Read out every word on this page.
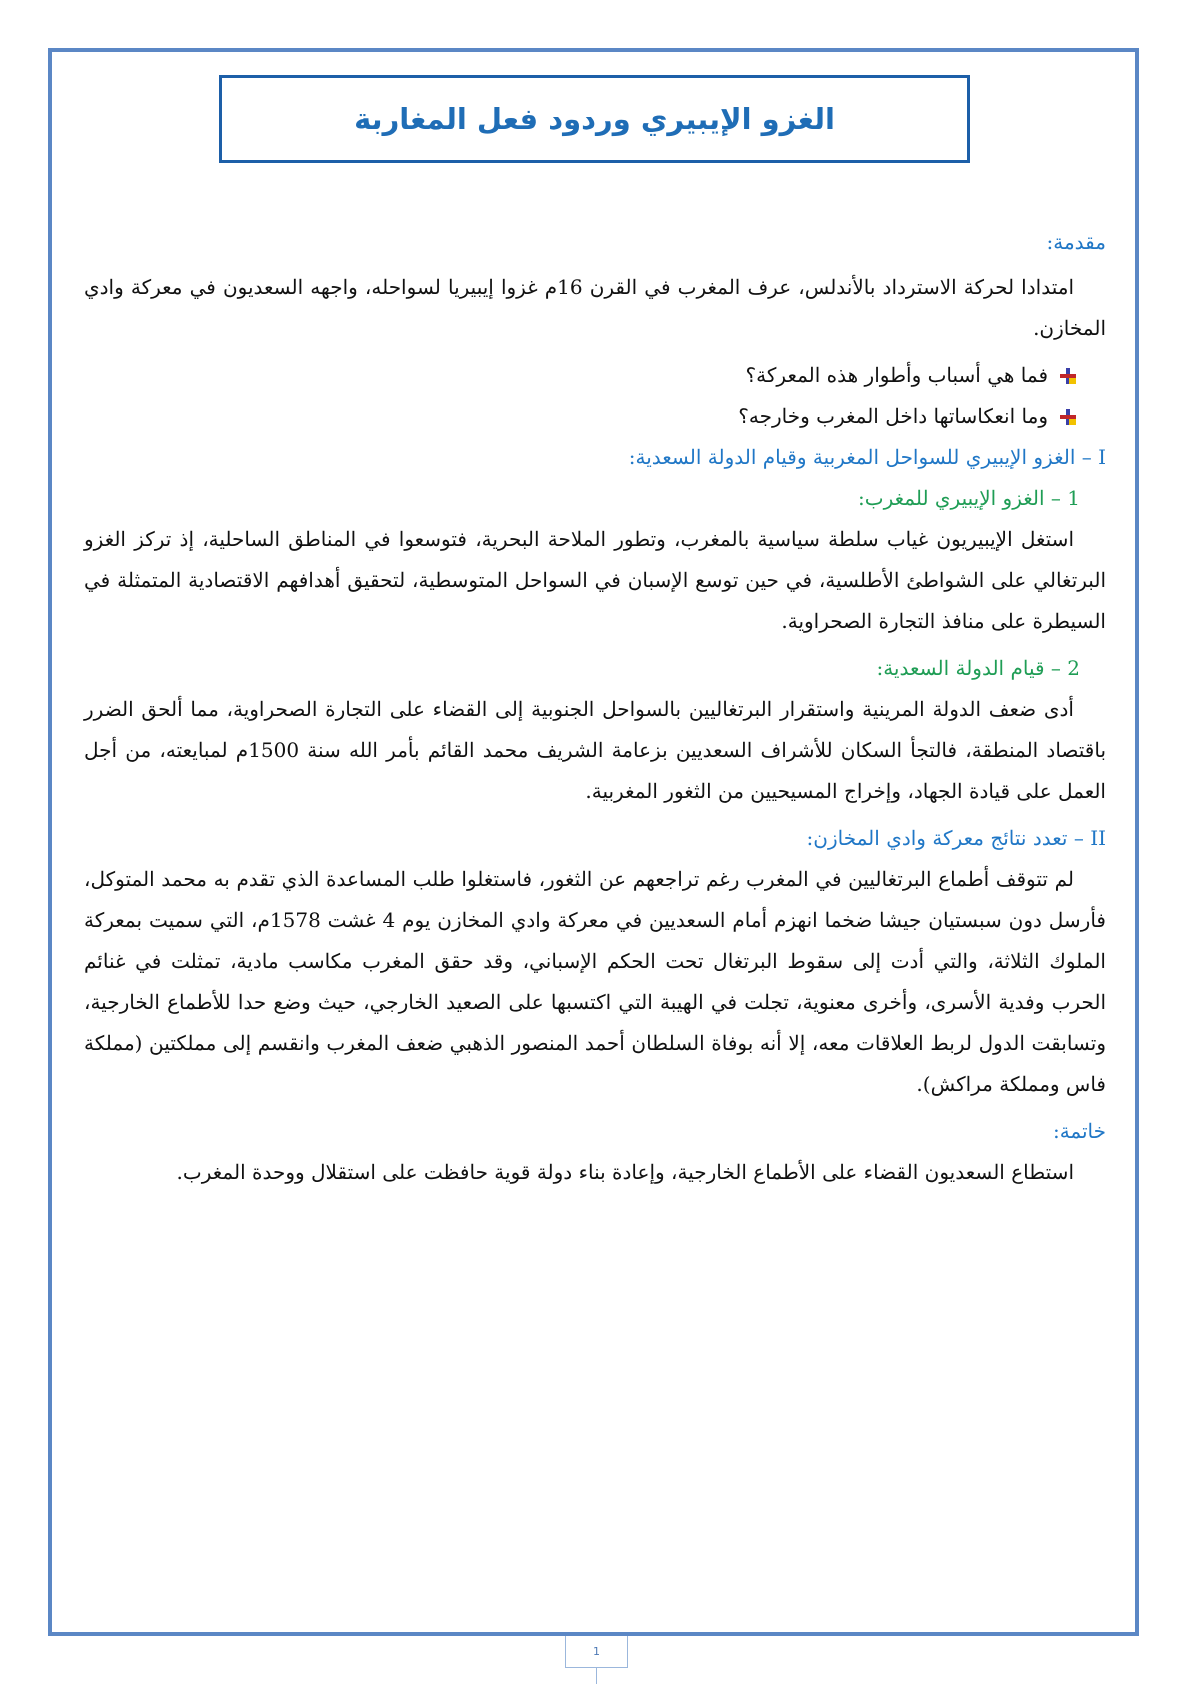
الغزو الإيبيري وردود فعل المغاربة
مقدمة:

امتدادا لحركة الاسترداد بالأندلس، عرف المغرب في القرن 16م غزوا إيبيريا لسواحله، واجهه السعديون في معركة وادي المخازن.

فما هي أسباب وأطوار هذه المعركة؟
وما انعكاساتها داخل المغرب وخارجه؟
I – الغزو الإيبيري للسواحل المغربية وقيام الدولة السعدية:
1 – الغزو الإيبيري للمغرب:

استغل الإيبيريون غياب سلطة سياسية بالمغرب، وتطور الملاحة البحرية، فتوسعوا في المناطق الساحلية، إذ تركز الغزو البرتغالي على الشواطئ الأطلسية، في حين توسع الإسبان في السواحل المتوسطية، لتحقيق أهدافهم الاقتصادية المتمثلة في السيطرة على منافذ التجارة الصحراوية.

2 – قيام الدولة السعدية:

أدى ضعف الدولة المرينية واستقرار البرتغاليين بالسواحل الجنوبية إلى القضاء على التجارة الصحراوية، مما ألحق الضرر باقتصاد المنطقة، فالتجأ السكان للأشراف السعديين بزعامة الشريف محمد القائم بأمر الله سنة 1500م لمبايعته، من أجل العمل على قيادة الجهاد، وإخراج المسيحيين من الثغور المغربية.

II – تعدد نتائج معركة وادي المخازن:

لم تتوقف أطماع البرتغاليين في المغرب رغم تراجعهم عن الثغور، فاستغلوا طلب المساعدة الذي تقدم به محمد المتوكل، فأرسل دون سبستيان جيشا ضخما انهزم أمام السعديين في معركة وادي المخازن يوم 4 غشت 1578م، التي سميت بمعركة الملوك الثلاثة، والتي أدت إلى سقوط البرتغال تحت الحكم الإسباني، وقد حقق المغرب مكاسب مادية، تمثلت في غنائم الحرب وفدية الأسرى، وأخرى معنوية، تجلت في الهيبة التي اكتسبها على الصعيد الخارجي، حيث وضع حدا للأطماع الخارجية، وتسابقت الدول لربط العلاقات معه، إلا أنه بوفاة السلطان أحمد المنصور الذهبي ضعف المغرب وانقسم إلى مملكتين (مملكة فاس ومملكة مراكش).

خاتمة:

استطاع السعديون القضاء على الأطماع الخارجية، وإعادة بناء دولة قوية حافظت على استقلال ووحدة المغرب.

1
